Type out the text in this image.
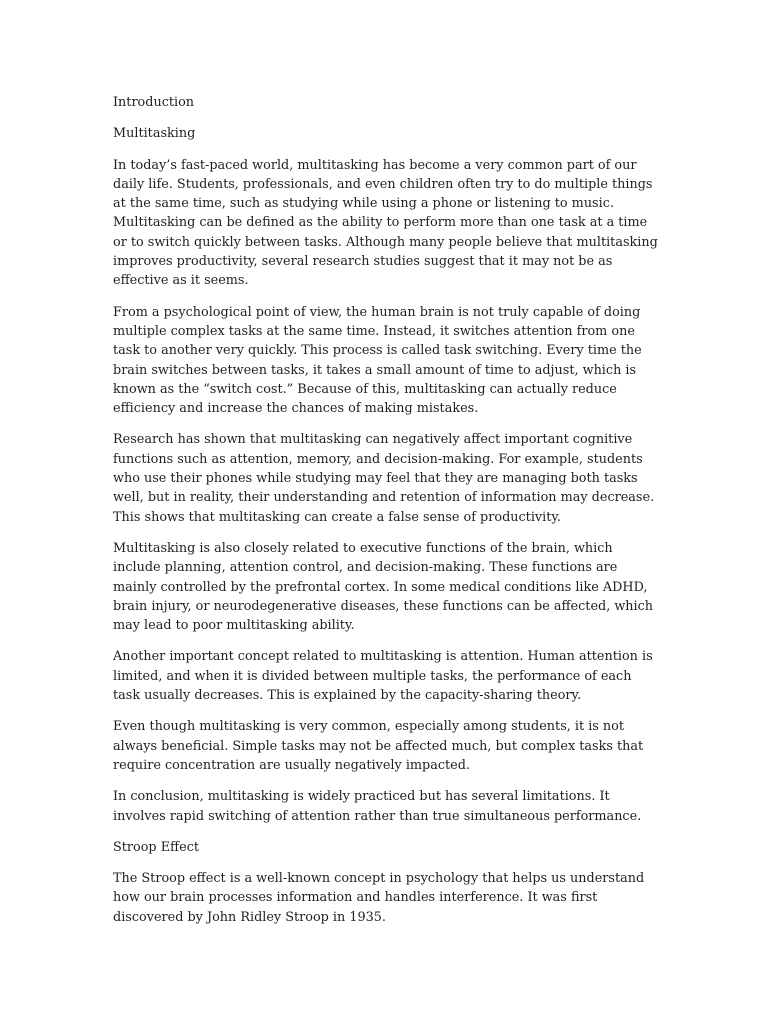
Introduction

Multitasking

In today’s fast-paced world, multitasking has become a very common part of our daily life. Students, professionals, and even children often try to do multiple things at the same time, such as studying while using a phone or listening to music. Multitasking can be defined as the ability to perform more than one task at a time or to switch quickly between tasks. Although many people believe that multitasking improves productivity, several research studies suggest that it may not be as effective as it seems.

From a psychological point of view, the human brain is not truly capable of doing multiple complex tasks at the same time. Instead, it switches attention from one task to another very quickly. This process is called task switching. Every time the brain switches between tasks, it takes a small amount of time to adjust, which is known as the “switch cost.” Because of this, multitasking can actually reduce efficiency and increase the chances of making mistakes.

Research has shown that multitasking can negatively affect important cognitive functions such as attention, memory, and decision-making. For example, students who use their phones while studying may feel that they are managing both tasks well, but in reality, their understanding and retention of information may decrease. This shows that multitasking can create a false sense of productivity.

Multitasking is also closely related to executive functions of the brain, which include planning, attention control, and decision-making. These functions are mainly controlled by the prefrontal cortex. In some medical conditions like ADHD, brain injury, or neurodegenerative diseases, these functions can be affected, which may lead to poor multitasking ability.

Another important concept related to multitasking is attention. Human attention is limited, and when it is divided between multiple tasks, the performance of each task usually decreases. This is explained by the capacity-sharing theory.

Even though multitasking is very common, especially among students, it is not always beneficial. Simple tasks may not be affected much, but complex tasks that require concentration are usually negatively impacted.

In conclusion, multitasking is widely practiced but has several limitations. It involves rapid switching of attention rather than true simultaneous performance.

Stroop Effect

The Stroop effect is a well-known concept in psychology that helps us understand how our brain processes information and handles interference. It was first discovered by John Ridley Stroop in 1935.
